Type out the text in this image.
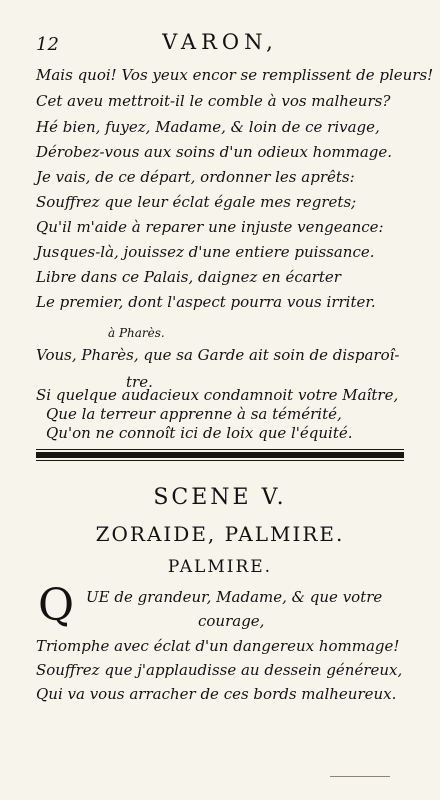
12	VARON,
Mais quoi! Vos yeux encor se remplissent de pleurs!
Cet aveu mettroit-il le comble à vos malheurs?
Hé bien, fuyez, Madame, & loin de ce rivage,
Dérobez-vous aux soins d'un odieux hommage.
Je vais, de ce départ, ordonner les aprêts:
Souffrez que leur éclat égale mes regrets;
Qu'il m'aide à reparer une injuste vengeance:
Jusques-là, jouissez d'une entiere puissance.
Libre dans ce Palais, daignez en écarter
Le premier, dont l'aspect pourra vous irriter.
à Pharès.
Vous, Pharès, que sa Garde ait soin de disparoî-
tre.
Si quelque audacieux condamnoit votre Maître,
Que la terreur apprenne à sa témérité,
SCENE V.
ZORAIDE, PALMIRE.
PALMIRE.
Q UE de grandeur, Madame, & que votre
courage,
Triomphe avec éclat d'un dangereux hommage!
Souffrez que j'applaudisse au dessein généreux,
Qui va vous arracher de ces bords malheureux.
Qu'on ne connoît ici de loix que l'équité.
